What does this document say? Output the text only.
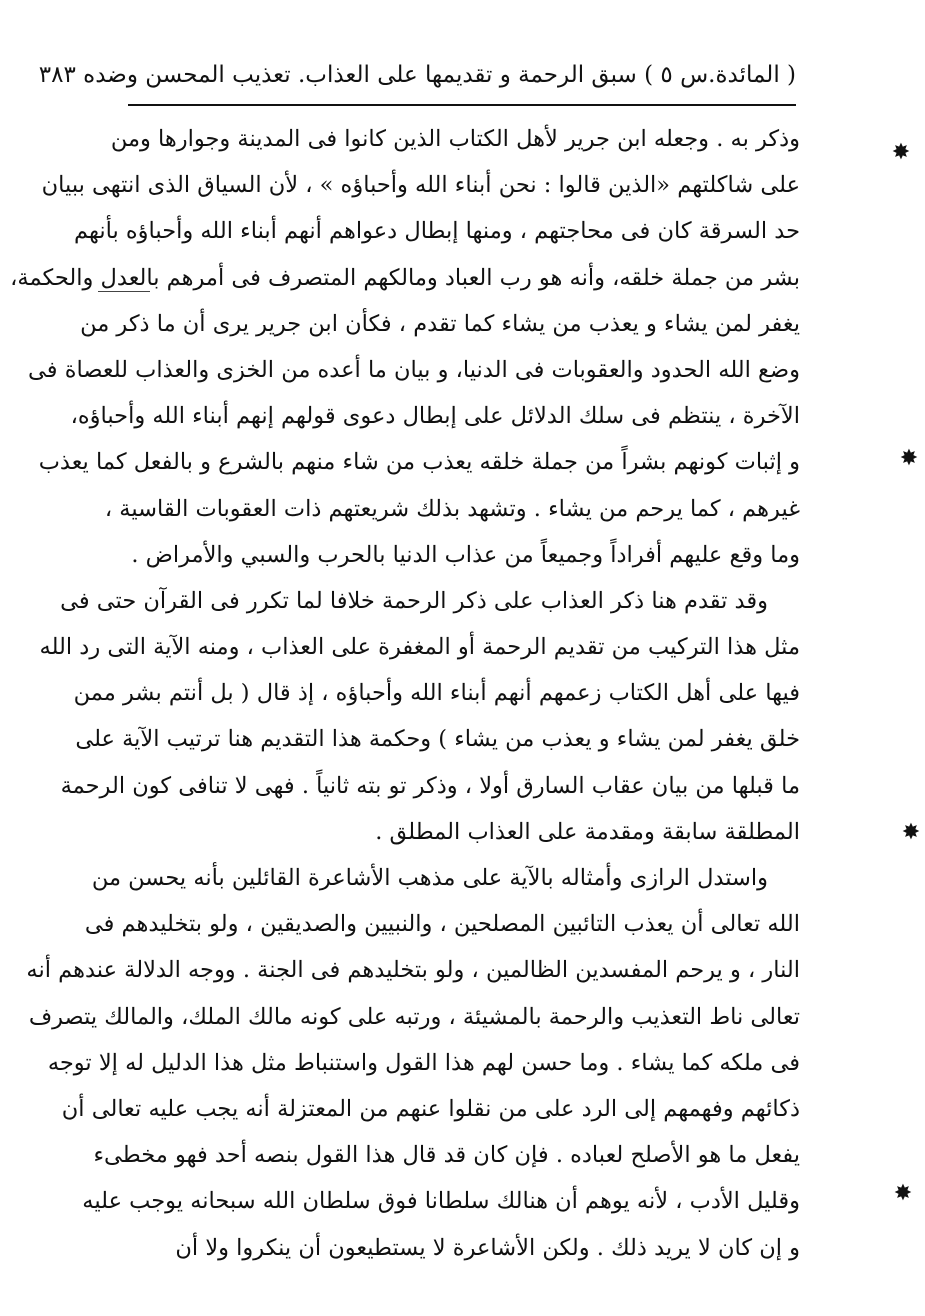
( المائدة.س ٥ ) سبق الرحمة و تقديمها على العذاب. تعذيب المحسن وضده ٣٨٣
✸
✸
✸
✸

وذكر به . وجعله ابن جرير لأهل الكتاب الذين كانوا فى المدينة وجوارها ومن
على شاكلتهم «الذين قالوا : نحن أبناء الله وأحباؤه » ، لأن السياق الذى انتهى ببيان
حد السرقة كان فى محاجتهم ، ومنها إبطال دعواهم أنهم أبناء الله وأحباؤه بأنهم
بشر من جملة خلقه، وأنه هو رب العباد ومالكهم المتصرف فى أمرهم بالعدل والحكمة،
يغفر لمن يشاء و يعذب من يشاء كما تقدم ، فكأن ابن جرير يرى أن ما ذكر من
وضع الله الحدود والعقوبات فى الدنيا، و بيان ما أعده من الخزى والعذاب للعصاة فى
الآخرة ، ينتظم فى سلك الدلائل على إبطال دعوى قولهم إنهم أبناء الله وأحباؤه،
و إثبات كونهم بشراً من جملة خلقه يعذب من شاء منهم بالشرع و بالفعل كما يعذب
غيرهم ، كما يرحم من يشاء . وتشهد بذلك شريعتهم ذات العقوبات القاسية ،
وما وقع عليهم أفراداً وجميعاً من عذاب الدنيا بالحرب والسبي والأمراض .

وقد تقدم هنا ذكر العذاب على ذكر الرحمة خلافا لما تكرر فى القرآن حتى فى
مثل هذا التركيب من تقديم الرحمة أو المغفرة على العذاب ، ومنه الآية التى رد الله
فيها على أهل الكتاب زعمهم أنهم أبناء الله وأحباؤه ، إذ قال ( بل أنتم بشر ممن
خلق يغفر لمن يشاء و يعذب من يشاء ) وحكمة هذا التقديم هنا ترتيب الآية على
ما قبلها من بيان عقاب السارق أولا ، وذكر تو بته ثانياً . فهى لا تنافى كون الرحمة
المطلقة سابقة ومقدمة على العذاب المطلق .

واستدل الرازى وأمثاله بالآية على مذهب الأشاعرة القائلين بأنه يحسن من
الله تعالى أن يعذب التائبين المصلحين ، والنبيين والصديقين ، ولو بتخليدهم فى
النار ، و يرحم المفسدين الظالمين ، ولو بتخليدهم فى الجنة . ووجه الدلالة عندهم أنه
تعالى ناط التعذيب والرحمة بالمشيئة ، ورتبه على كونه مالك الملك، والمالك يتصرف
فى ملكه كما يشاء . وما حسن لهم هذا القول واستنباط مثل هذا الدليل له إلا توجه
ذكائهم وفهمهم إلى الرد على من نقلوا عنهم من المعتزلة أنه يجب عليه تعالى أن
يفعل ما هو الأصلح لعباده . فإن كان قد قال هذا القول بنصه أحد فهو مخطىء
وقليل الأدب ، لأنه يوهم أن هنالك سلطانا فوق سلطان الله سبحانه يوجب عليه
و إن كان لا يريد ذلك . ولكن الأشاعرة لا يستطيعون أن ينكروا ولا أن
